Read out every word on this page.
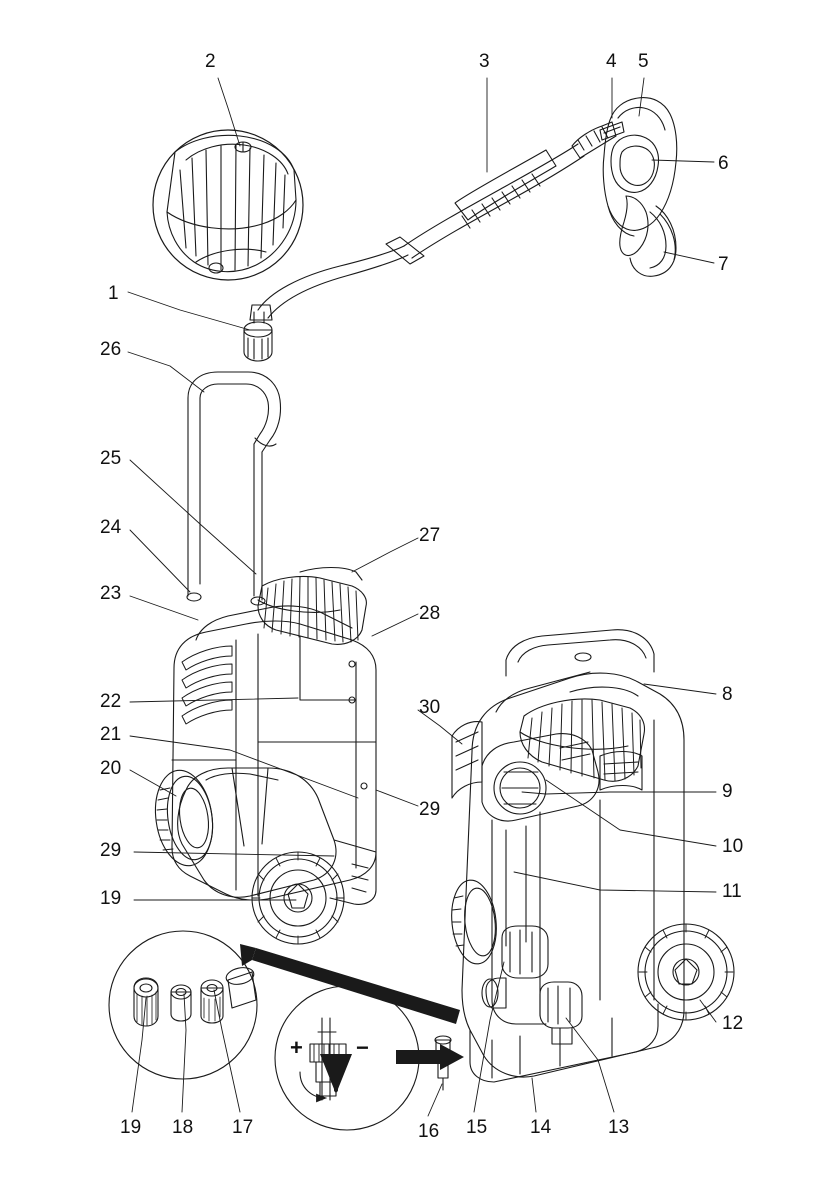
2	3	4 5
6
7
1
26
25
24
23
22
21
20
29
19
27
28
30
29
8
9
10
11
12
13
14
15
16
17
18
19
+ −
